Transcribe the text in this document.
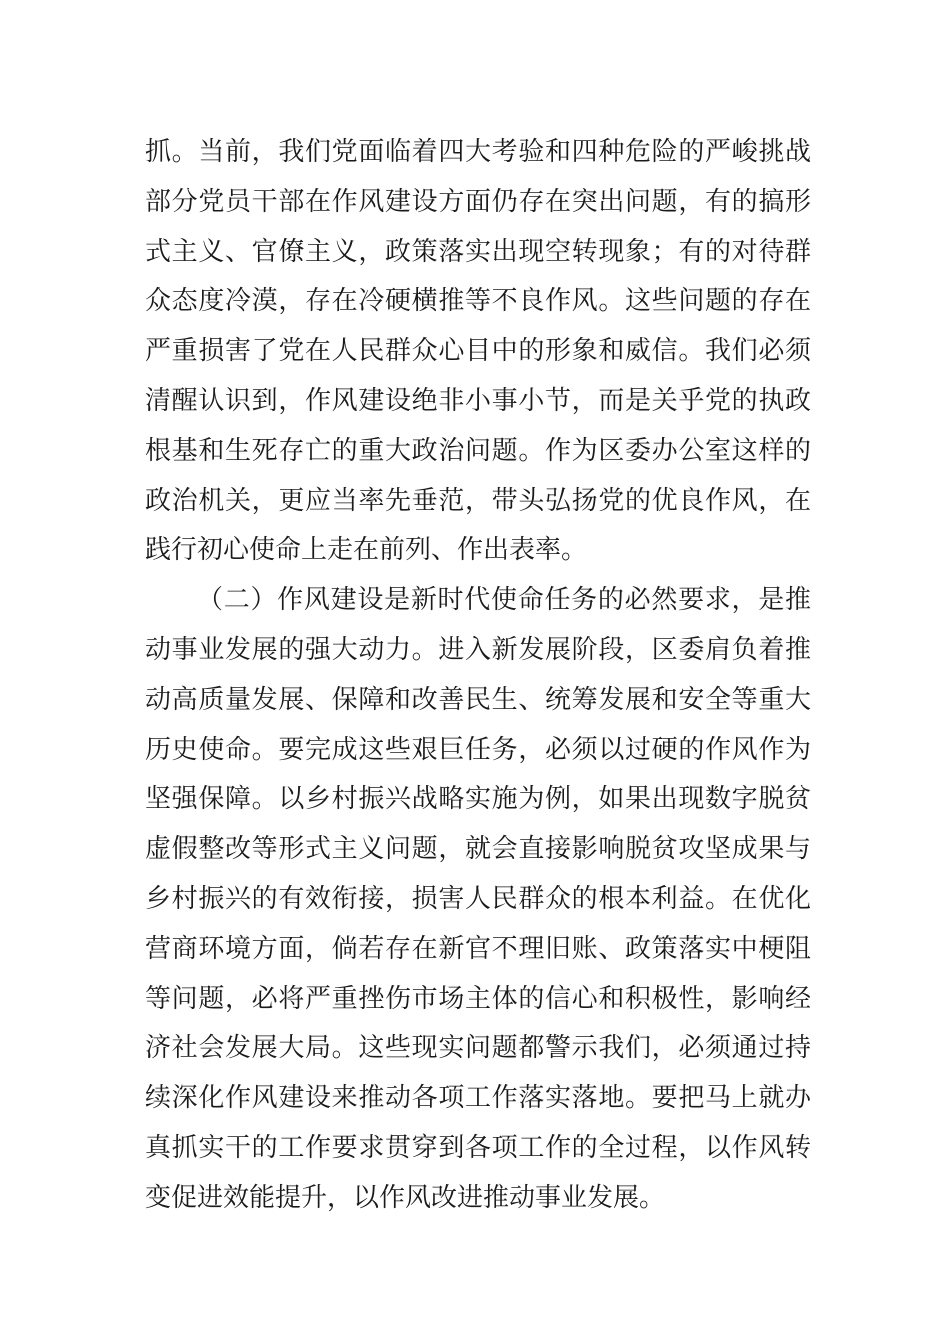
抓。当前，我们党面临着四大考验和四种危险的严峻挑战
部分党员干部在作风建设方面仍存在突出问题，有的搞形
式主义、官僚主义，政策落实出现空转现象；有的对待群
众态度冷漠，存在冷硬横推等不良作风。这些问题的存在
严重损害了党在人民群众心目中的形象和威信。我们必须
清醒认识到，作风建设绝非小事小节，而是关乎党的执政
根基和生死存亡的重大政治问题。作为区委办公室这样的
政治机关，更应当率先垂范，带头弘扬党的优良作风，在
践行初心使命上走在前列、作出表率。
（二）作风建设是新时代使命任务的必然要求，是推
动事业发展的强大动力。进入新发展阶段，区委肩负着推
动高质量发展、保障和改善民生、统筹发展和安全等重大
历史使命。要完成这些艰巨任务，必须以过硬的作风作为
坚强保障。以乡村振兴战略实施为例，如果出现数字脱贫
虚假整改等形式主义问题，就会直接影响脱贫攻坚成果与
乡村振兴的有效衔接，损害人民群众的根本利益。在优化
营商环境方面，倘若存在新官不理旧账、政策落实中梗阻
等问题，必将严重挫伤市场主体的信心和积极性，影响经
济社会发展大局。这些现实问题都警示我们，必须通过持
续深化作风建设来推动各项工作落实落地。要把马上就办
真抓实干的工作要求贯穿到各项工作的全过程，以作风转
变促进效能提升，以作风改进推动事业发展。
